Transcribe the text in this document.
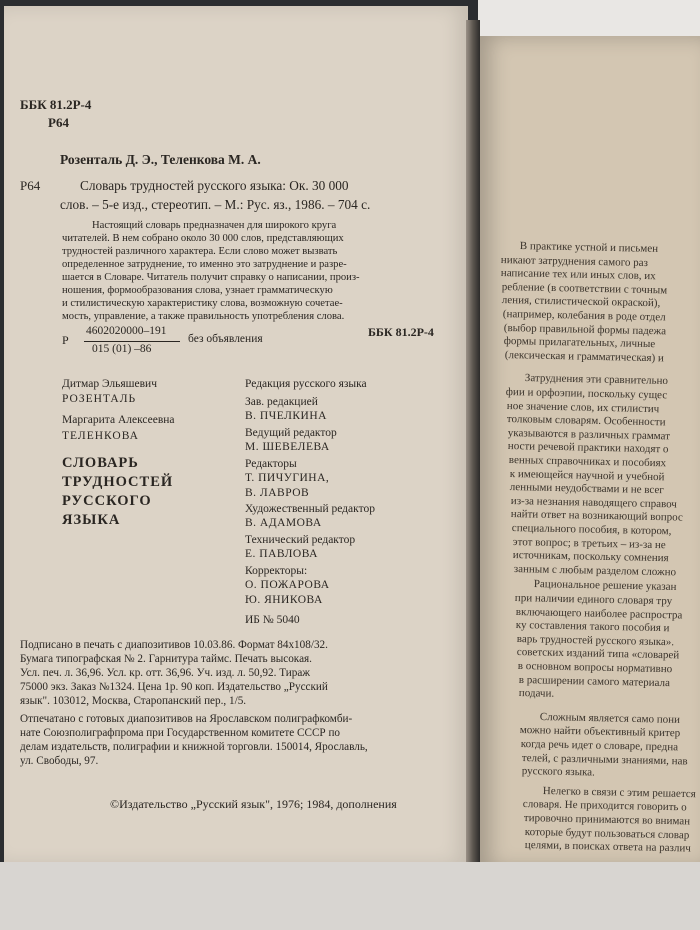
ББК 81.2Р-4
Р64
Розенталь Д. Э., Теленкова М. А.
Р64	Словарь трудностей русского языка: Ок. 30 000
слов. – 5-е изд., стереотип. – М.: Рус. яз., 1986. – 704 с.
Настоящий словарь предназначен для широкого круга
читателей. В нем собрано около 30 000 слов, представляющих
трудностей различного характера. Если слово может вызвать
определенное затруднение, то именно это затруднение и разре-
шается в Словаре. Читатель получит справку о написании, произ-
ношения, формообразования слова, узнает грамматическую
и стилистическую характеристику слова, возможную сочетае-
мость, управление, а также правильность употребления слова.
Р
4602020000–191
015 (01) –86
без объявления	ББК 81.2Р-4
Дитмар Эльяшевич
РОЗЕНТАЛЬ
Маргарита Алексеевна
ТЕЛЕНКОВА
СЛОВАРЬ
ТРУДНОСТЕЙ
РУССКОГО
ЯЗЫКА
Редакция русского языка
Зав. редакцией
В. ПЧЕЛКИНА
Ведущий редактор
М. ШЕВЕЛЕВА
Редакторы
Т. ПИЧУГИНА,
В. ЛАВРОВ
Художественный редактор
В. АДАМОВА
Технический редактор
Е. ПАВЛОВА
Корректоры:
О. ПОЖАРОВА
Ю. ЯНИКОВА
ИБ № 5040
Подписано в печать с диапозитивов 10.03.86. Формат 84х108/32.
Бумага типографская № 2. Гарнитура таймс. Печать высокая.
Усл. печ. л. 36,96. Усл. кр. отт. 36,96. Уч. изд. л. 50,92. Тираж
75000 экз. Заказ №1324. Цена 1р. 90 коп. Издательство „Русский
язык". 103012, Москва, Старопанский пер., 1/5.
Отпечатано с готовых диапозитивов на Ярославском полиграфкомби-
нате Союзполиграфпрома при Государственном комитете СССР по
делам издательств, полиграфии и книжной торговли. 150014, Ярославль,
ул. Свободы, 97.
©Издательство „Русский язык", 1976; 1984, дополнения
В практике устной и письмен
никают затруднения самого раз
написание тех или иных слов, их
ребление (в соответствии с точным
ления, стилистической окраской),
(например, колебания в роде отдел
(выбор правильной формы падежа
формы прилагательных, личные
(лексическая и грамматическая) и
Затруднения эти сравнительно
фии и орфоэпии, поскольку сущес
ное значение слов, их стилистич
толковым словарям. Особенности
указываются в различных граммат
ности речевой практики находят о
венных справочниках и пособиях
к имеющейся научной и учебной
ленными неудобствами и не всег
из-за незнания наводящего справоч
найти ответ на возникающий вопрос
специального пособия, в котором,
этот вопрос; в третьих – из-за не
источникам, поскольку сомнения
занным с любым разделом сложно
Рациональное решение указан
при наличии единого словаря тру
включающего наиболее распростра
ку составления такого пособия и
варь трудностей русского языка».
советских изданий типа «словарей
в основном вопросы нормативно
в расширении самого материала
подачи.
Сложным является само пони
можно найти объективный критер
когда речь идет о словаре, предна
телей, с различными знаниями, нав
русского языка.
Нелегко в связи с этим решается
словаря. Не приходится говорить о
тировочно принимаются во вниман
которые будут пользоваться словар
целями, в поисках ответа на различ
